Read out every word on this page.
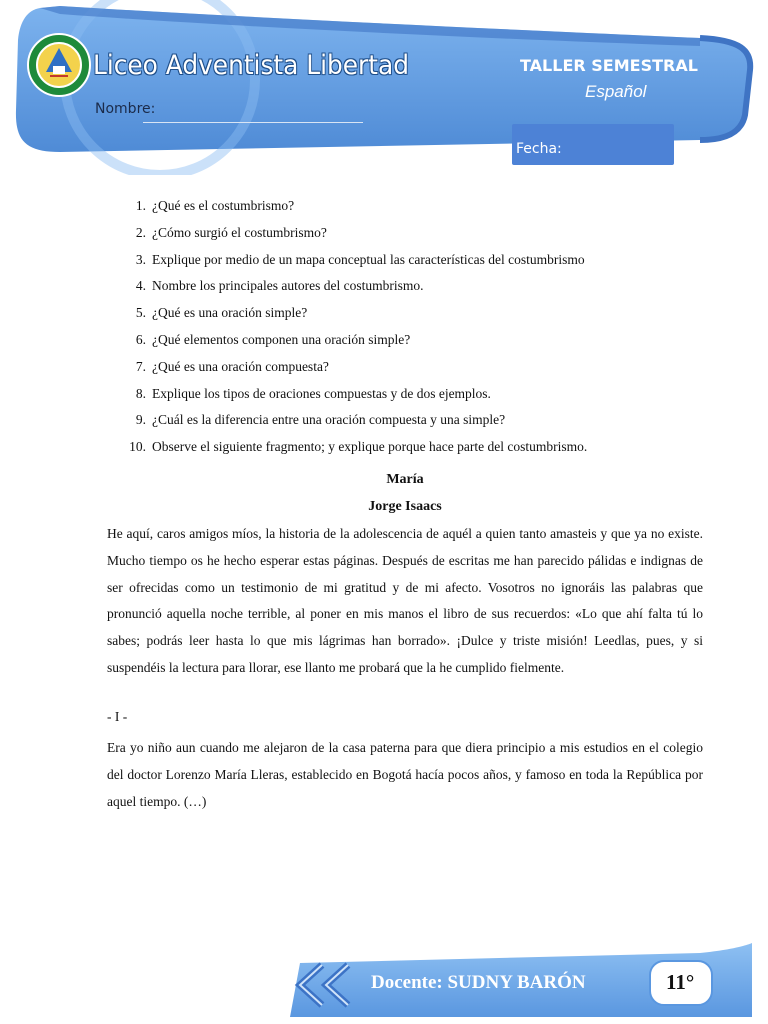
Liceo Adventista Libertad
Nombre:
TALLER SEMESTRAL
Español
Fecha:
1. ¿Qué es el costumbrismo?
2. ¿Cómo surgió el costumbrismo?
3. Explique por medio de un mapa conceptual las características del costumbrismo
4. Nombre los principales autores del costumbrismo.
5. ¿Qué es una oración simple?
6. ¿Qué elementos componen una oración simple?
7. ¿Qué es una oración compuesta?
8. Explique los tipos de oraciones compuestas y de dos ejemplos.
9. ¿Cuál es la diferencia entre una oración compuesta y una simple?
10. Observe el siguiente fragmento; y explique porque hace parte del costumbrismo.
María
Jorge Isaacs
He aquí, caros amigos míos, la historia de la adolescencia de aquél a quien tanto amasteis y que ya no existe. Mucho tiempo os he hecho esperar estas páginas. Después de escritas me han parecido pálidas e indignas de ser ofrecidas como un testimonio de mi gratitud y de mi afecto. Vosotros no ignoráis las palabras que pronunció aquella noche terrible, al poner en mis manos el libro de sus recuerdos: «Lo que ahí falta tú lo sabes; podrás leer hasta lo que mis lágrimas han borrado». ¡Dulce y triste misión! Leedlas, pues, y si suspendéis la lectura para llorar, ese llanto me probará que la he cumplido fielmente.
- I -
Era yo niño aun cuando me alejaron de la casa paterna para que diera principio a mis estudios en el colegio del doctor Lorenzo María Lleras, establecido en Bogotá hacía pocos años, y famoso en toda la República por aquel tiempo. (…)
Docente: SUDNY BARÓN	11°
